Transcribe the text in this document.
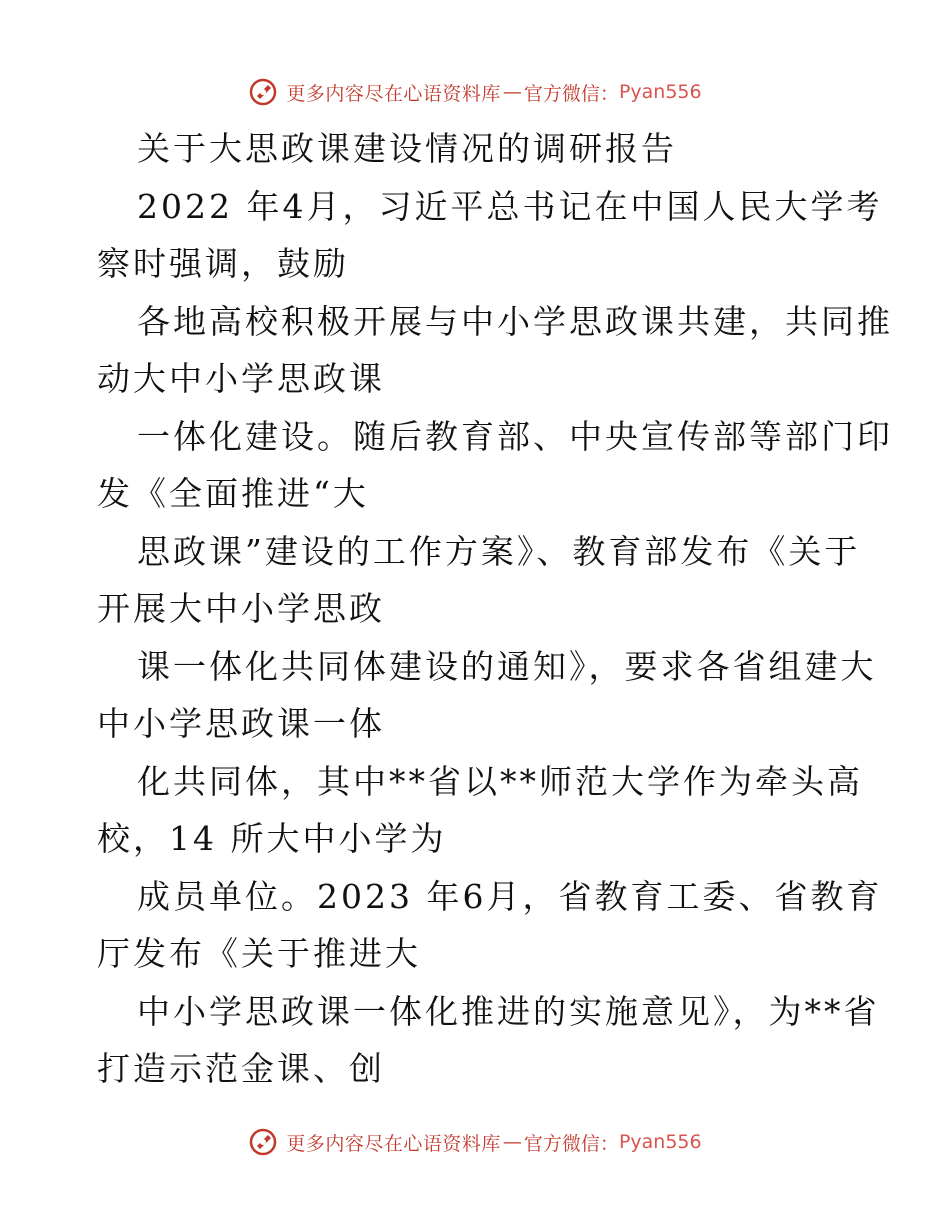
更多内容尽在心语资料库 — 官方微信： Pyan556
关于大思政课建设情况的调研报告
2022 年4月，习近平总书记在中国人民大学考
察时强调，鼓励
各地高校积极开展与中小学思政课共建，共同推
动大中小学思政课
一体化建设。随后教育部、中央宣传部等部门印
发《全面推进“大
思政课”建设的工作方案》、教育部发布《关于
开展大中小学思政
课一体化共同体建设的通知》，要求各省组建大
中小学思政课一体
化共同体，其中**省以**师范大学作为牵头高
校，14 所大中小学为
成员单位。2023 年6月，省教育工委、省教育
厅发布《关于推进大
中小学思政课一体化推进的实施意见》，为**省
打造示范金课、创
更多内容尽在心语资料库 — 官方微信： Pyan556
